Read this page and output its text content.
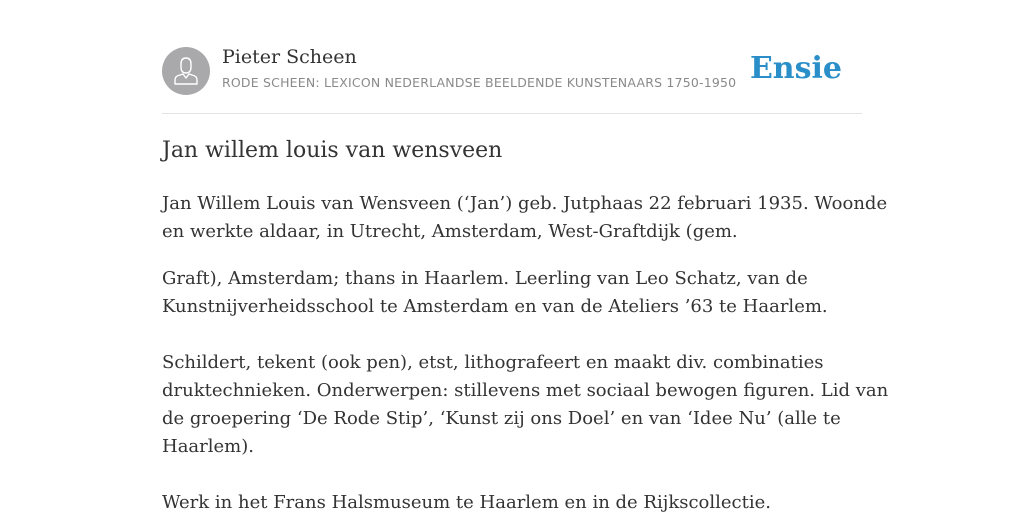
Pieter Scheen
RODE SCHEEN: LEXICON NEDERLANDSE BEELDENDE KUNSTENAARS 1750-1950 Ensie
Jan willem louis van wensveen

Jan Willem Louis van Wensveen (‘Jan’) geb. Jutphaas 22 februari 1935. Woonde
en werkte aldaar, in Utrecht, Amsterdam, West-Graftdijk (gem.

Graft), Amsterdam; thans in Haarlem. Leerling van Leo Schatz, van de
Kunstnijverheidsschool te Amsterdam en van de Ateliers ’63 te Haarlem.

Schildert, tekent (ook pen), etst, lithografeert en maakt div. combinaties
druktechnieken. Onderwerpen: stillevens met sociaal bewogen figuren. Lid van
de groepering ‘De Rode Stip’, ‘Kunst zij ons Doel’ en van ‘Idee Nu’ (alle te
Haarlem).

Werk in het Frans Halsmuseum te Haarlem en in de Rijkscollectie.
